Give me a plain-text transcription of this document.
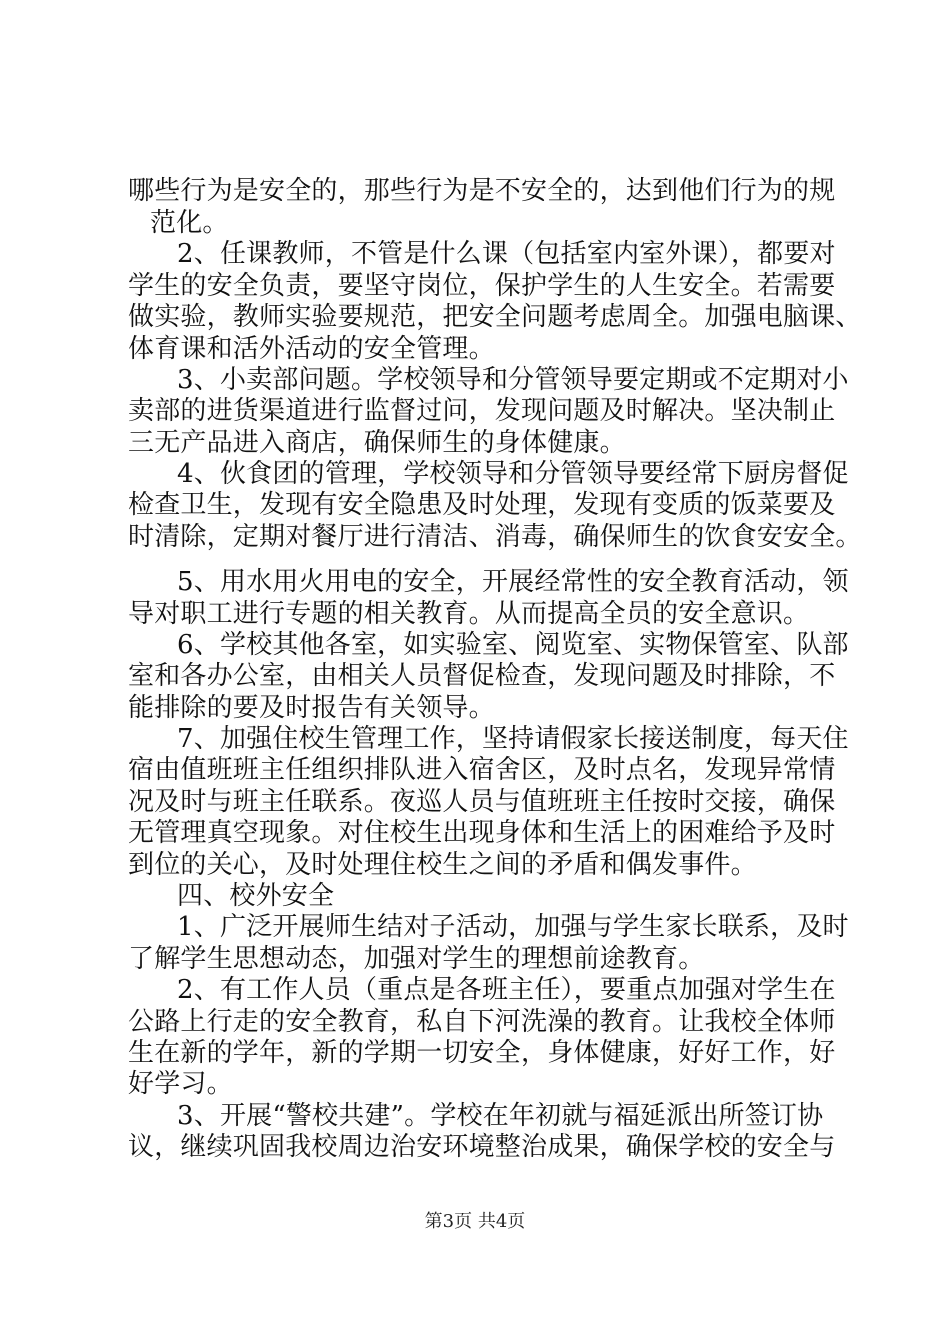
哪些行为是安全的，那些行为是不安全的，达到他们行为的规
范化。
2、任课教师，不管是什么课（包括室内室外课），都要对
学生的安全负责，要坚守岗位，保护学生的人生安全。若需要
做实验，教师实验要规范，把安全问题考虑周全。加强电脑课、
体育课和活外活动的安全管理。
3、小卖部问题。学校领导和分管领导要定期或不定期对小
卖部的进货渠道进行监督过问，发现问题及时解决。坚决制止
三无产品进入商店，确保师生的身体健康。
4、伙食团的管理，学校领导和分管领导要经常下厨房督促
检查卫生，发现有安全隐患及时处理，发现有变质的饭菜要及
时清除，定期对餐厅进行清洁、消毒，确保师生的饮食安安全。
5、用水用火用电的安全，开展经常性的安全教育活动，领
导对职工进行专题的相关教育。从而提高全员的安全意识。
6、学校其他各室，如实验室、阅览室、实物保管室、队部
室和各办公室，由相关人员督促检查，发现问题及时排除，不
能排除的要及时报告有关领导。
7、加强住校生管理工作，坚持请假家长接送制度，每天住
宿由值班班主任组织排队进入宿舍区，及时点名，发现异常情
况及时与班主任联系。夜巡人员与值班班主任按时交接，确保
无管理真空现象。对住校生出现身体和生活上的困难给予及时
到位的关心，及时处理住校生之间的矛盾和偶发事件。
四、校外安全
1、广泛开展师生结对子活动，加强与学生家长联系，及时
了解学生思想动态，加强对学生的理想前途教育。
2、有工作人员（重点是各班主任），要重点加强对学生在
公路上行走的安全教育，私自下河洗澡的教育。让我校全体师
生在新的学年，新的学期一切安全，身体健康，好好工作，好
好学习。
3、开展“警校共建”。学校在年初就与福延派出所签订协
议，继续巩固我校周边治安环境整治成果，确保学校的安全与
第3页 共4页
